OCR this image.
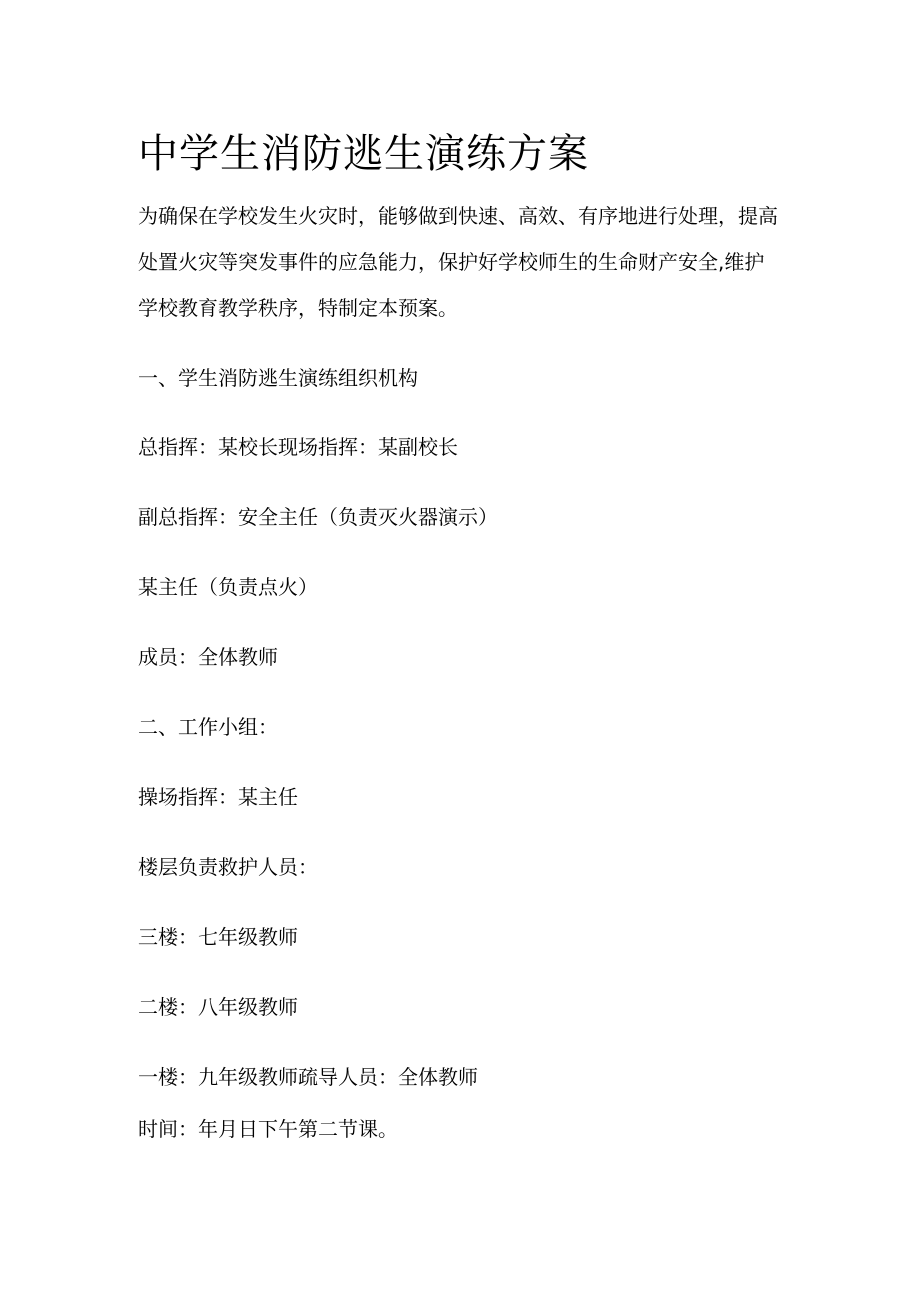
中学生消防逃生演练方案

为确保在学校发生火灾时，能够做到快速、高效、有序地进行处理，提高
处置火灾等突发事件的应急能力，保护好学校师生的生命财产安全,维护
学校教育教学秩序，特制定本预案。

一、学生消防逃生演练组织机构

总指挥：某校长现场指挥：某副校长

副总指挥：安全主任（负责灭火器演示）

某主任（负责点火）

成员：全体教师

二、工作小组：

操场指挥：某主任

楼层负责救护人员：

三楼：七年级教师

二楼：八年级教师

一楼：九年级教师疏导人员：全体教师

时间：年月日下午第二节课。
